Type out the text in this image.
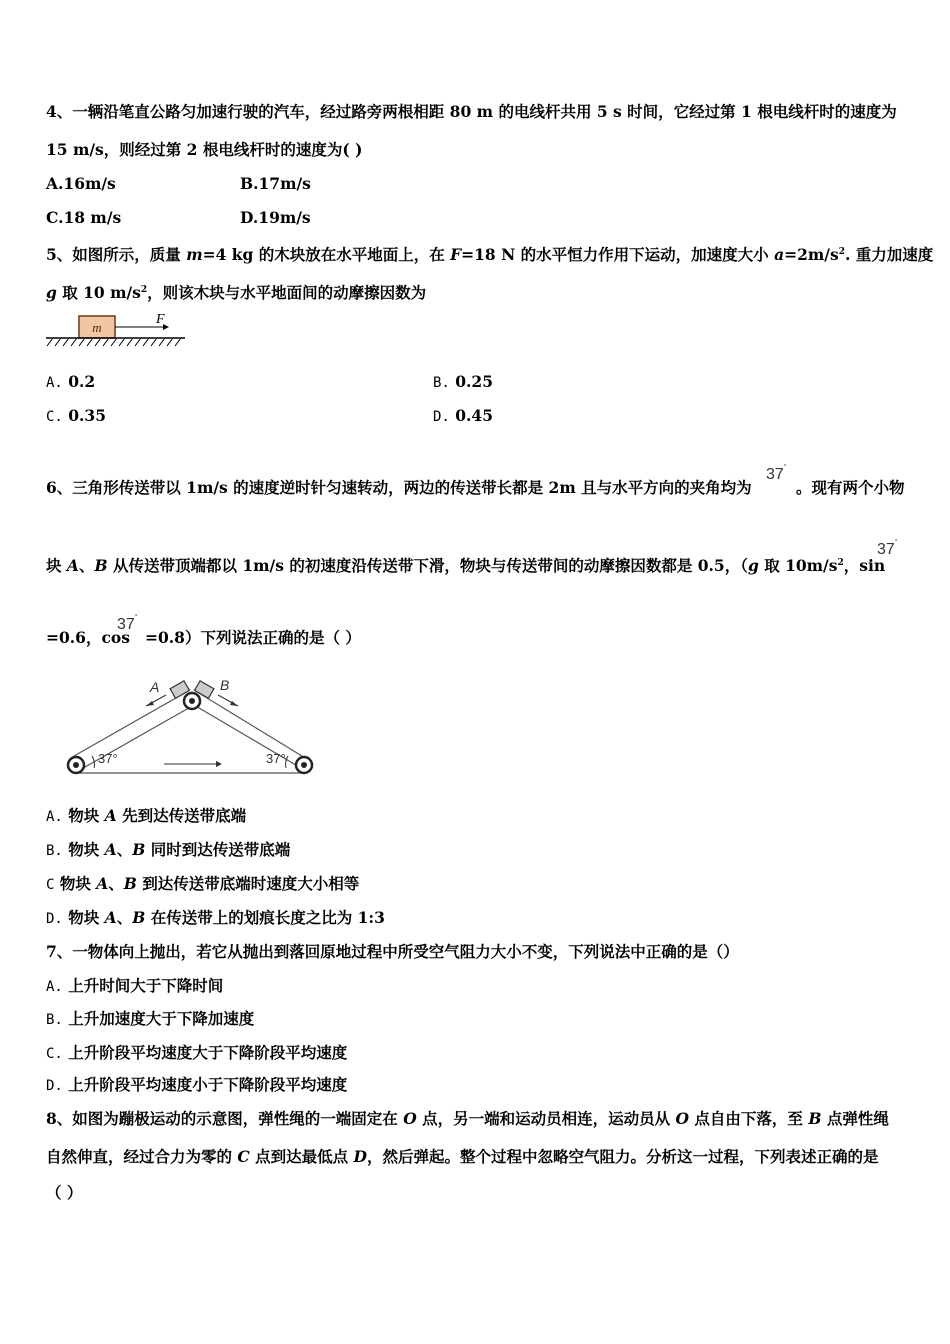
4、一辆沿笔直公路匀加速行驶的汽车，经过路旁两根相距 80 m 的电线杆共用 5 s 时间，它经过第 1 根电线杆时的速度为
15 m/s，则经过第 2 根电线杆时的速度为( )
A.16m/s	B.17m/s
C.18 m/s	D.19m/s
5、如图所示，质量 m=4 kg 的木块放在水平地面上，在 F=18 N 的水平恒力作用下运动，加速度大小 $a=2m/s^2$. 重力加速度
g 取 10 $m/s^2$，则该木块与水平地面间的动摩擦因数为
m
F
A. 0.2	B. 0.25
C. 0.35	D. 0.45
6、三角形传送带以 1m/s 的速度逆时针匀速转动，两边的传送带长都是 2m 且与水平方向的夹角均为
37°
。现有两个小物
块 A、B 从传送带顶端都以 1m/s 的初速度沿传送带下滑，物块与传送带间的动摩擦因数都是 0.5，（g 取 $10m/s^2$，sin
37°
=0.6，cos
37°
=0.8）下列说法正确的是（ ）
A	B
37°	37°
A. 物块 A 先到达传送带底端
B. 物块 A、B 同时到达传送带底端
C 物块 A、B 到达传送带底端时速度大小相等
D. 物块 A、B 在传送带上的划痕长度之比为 1:3
7、一物体向上抛出，若它从抛出到落回原地过程中所受空气阻力大小不变，下列说法中正确的是（）
A. 上升时间大于下降时间
B. 上升加速度大于下降加速度
C. 上升阶段平均速度大于下降阶段平均速度
D. 上升阶段平均速度小于下降阶段平均速度
8、如图为蹦极运动的示意图，弹性绳的一端固定在 O 点，另一端和运动员相连，运动员从 O 点自由下落，至 B 点弹性绳
自然伸直，经过合力为零的 C 点到达最低点 D，然后弹起。整个过程中忽略空气阻力。分析这一过程，下列表述正确的是
（ ）
